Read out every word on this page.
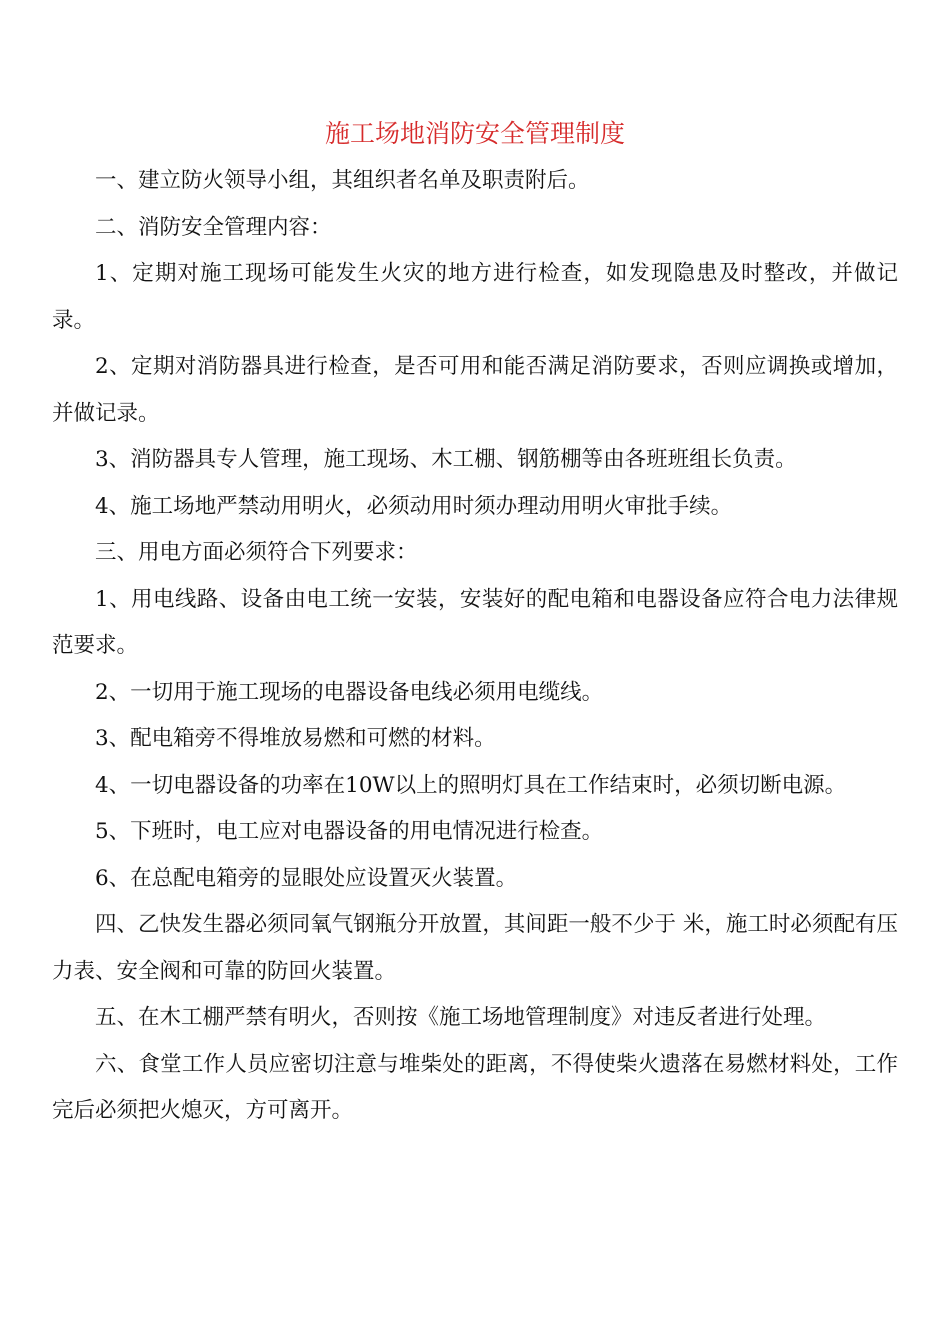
施工场地消防安全管理制度

一、建立防火领导小组，其组织者名单及职责附后。

二、消防安全管理内容：

1、定期对施工现场可能发生火灾的地方进行检查，如发现隐患及时整改，并做记录。

2、定期对消防器具进行检查，是否可用和能否满足消防要求，否则应调换或增加，并做记录。

3、消防器具专人管理，施工现场、木工棚、钢筋棚等由各班班组长负责。

4、施工场地严禁动用明火，必须动用时须办理动用明火审批手续。

三、用电方面必须符合下列要求：

1、用电线路、设备由电工统一安装，安装好的配电箱和电器设备应符合电力法律规范要求。

2、一切用于施工现场的电器设备电线必须用电缆线。

3、配电箱旁不得堆放易燃和可燃的材料。

4、一切电器设备的功率在10W以上的照明灯具在工作结束时，必须切断电源。

5、下班时，电工应对电器设备的用电情况进行检查。

6、在总配电箱旁的显眼处应设置灭火装置。

四、乙快发生器必须同氧气钢瓶分开放置，其间距一般不少于 米，施工时必须配有压力表、安全阀和可靠的防回火装置。

五、在木工棚严禁有明火，否则按《施工场地管理制度》对违反者进行处理。

六、食堂工作人员应密切注意与堆柴处的距离，不得使柴火遗落在易燃材料处，工作完后必须把火熄灭，方可离开。
